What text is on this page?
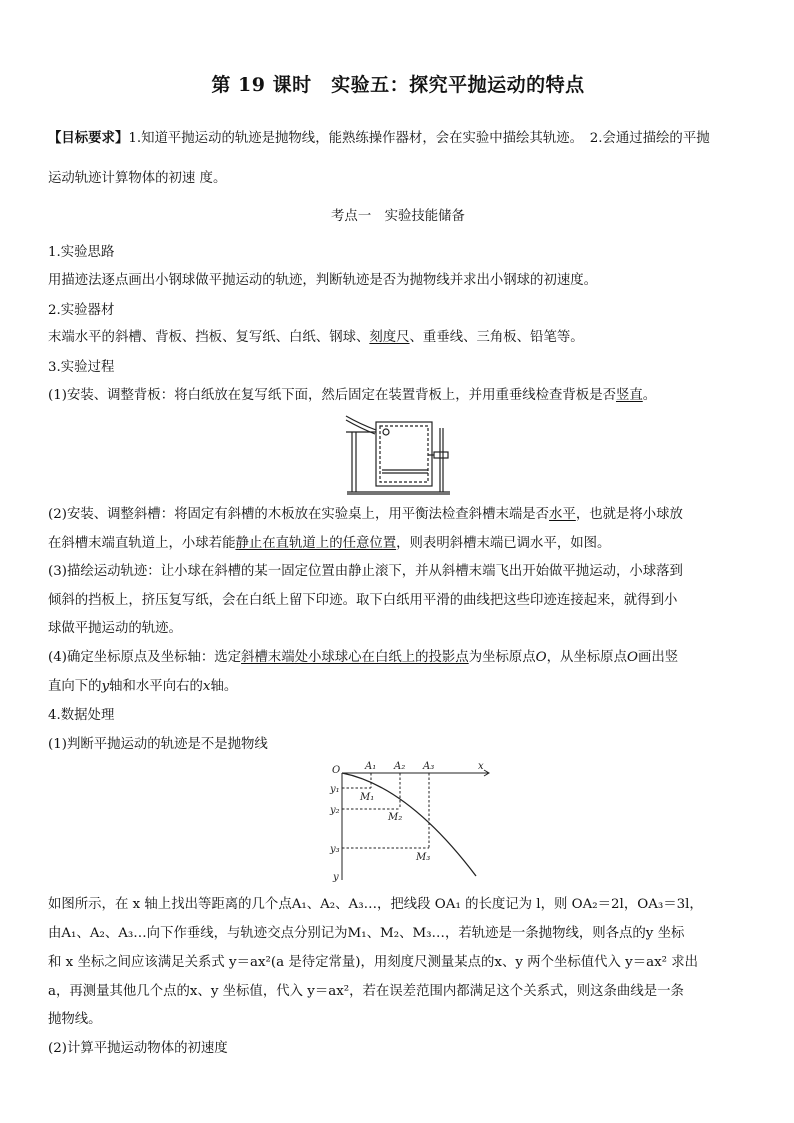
第 19 课时　实验五：探究平抛运动的特点
【目标要求】1.知道平抛运动的轨迹是抛物线，能熟练操作器材，会在实验中描绘其轨迹。　2.会通过描绘的平抛
运动轨迹计算物体的初速 度。
考点一　实验技能储备
1.实验思路
用描迹法逐点画出小钢球做平抛运动的轨迹，判断轨迹是否为抛物线并求出小钢球的初速度。
2.实验器材
末端水平的斜槽、背板、挡板、复写纸、白纸、钢球、刻度尺、重垂线、三角板、铅笔等。
3.实验过程
(1)安装、调整背板：将白纸放在复写纸下面，然后固定在装置背板上，并用重垂线检查背板是否竖直。
(2)安装、调整斜槽：将固定有斜槽的木板放在实验桌上，用平衡法检查斜槽末端是否水平，也就是将小球放
在斜槽末端直轨道上，小球若能静止在直轨道上的任意位置，则表明斜槽末端已调水平，如图。
(3)描绘运动轨迹：让小球在斜槽的某一固定位置由静止滚下，并从斜槽末端飞出开始做平抛运动，小球落到
倾斜的挡板上，挤压复写纸，会在白纸上留下印迹。取下白纸用平滑的曲线把这些印迹连接起来，就得到小
球做平抛运动的轨迹。
(4)确定坐标原点及坐标轴：选定斜槽末端处小球球心在白纸上的投影点为坐标原点O，从坐标原点O画出竖
直向下的y轴和水平向右的x轴。
4.数据处理
(1)判断平抛运动的轨迹是不是抛物线
O	x
y
A₁ A₂ A₃
y₁
y₂
y₃
M₁
M₂
M₃
如图所示，在 x 轴上找出等距离的几个点A₁、A₂、A₃…，把线段 OA₁ 的长度记为 l，则 OA₂＝2l，OA₃＝3l，
由A₁、A₂、A₃…向下作垂线，与轨迹交点分别记为M₁、M₂、M₃…，若轨迹是一条抛物线，则各点的y 坐标
和 x 坐标之间应该满足关系式 y＝ax²(a 是待定常量)，用刻度尺测量某点的x、y 两个坐标值代入 y＝ax² 求出
a，再测量其他几个点的x、y 坐标值，代入 y＝ax²，若在误差范围内都满足这个关系式，则这条曲线是一条
抛物线。
(2)计算平抛运动物体的初速度
